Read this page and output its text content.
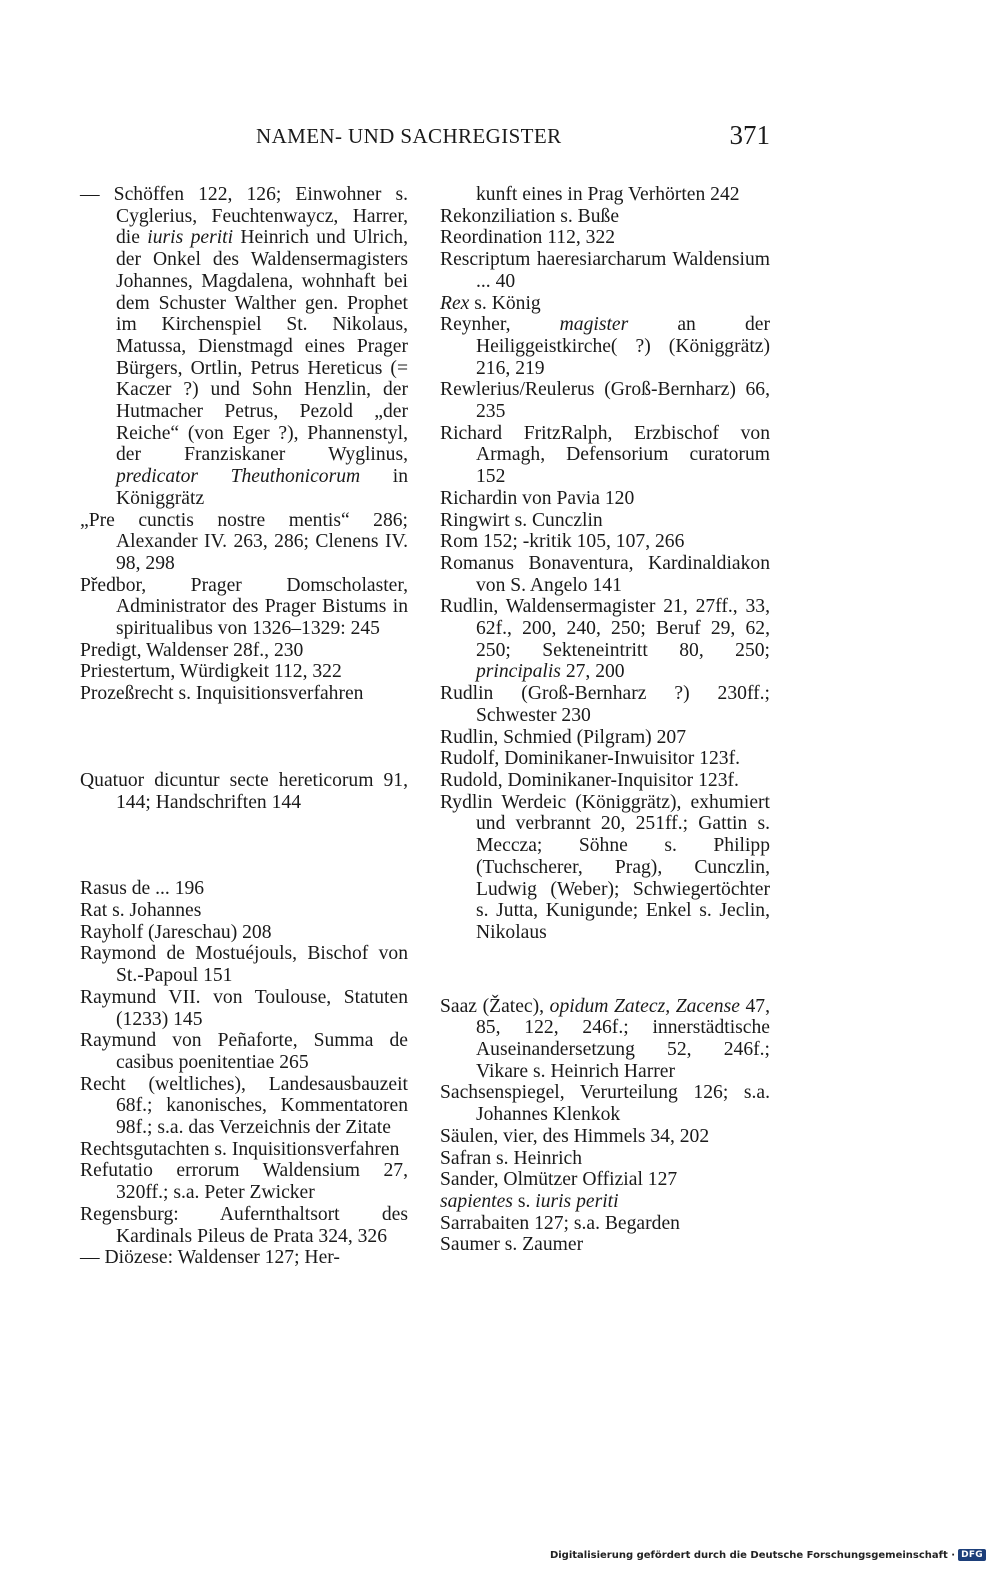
NAMEN- UND SACHREGISTER	371

— Schöffen 122, 126; Einwohner s. Cyglerius, Feuchtenwaycz, Harrer, die iuris periti Heinrich und Ulrich, der Onkel des Waldensermagisters Johannes, Magdalena, wohnhaft bei dem Schuster Walther gen. Prophet im Kirchenspiel St. Nikolaus, Matussa, Dienstmagd eines Prager Bürgers, Ortlin, Petrus Hereticus (= Kaczer ?) und Sohn Henzlin, der Hutmacher Petrus, Pezold „der Reiche“ (von Eger ?), Phannenstyl, der Franziskaner Wyglinus, predicator Theuthonicorum in Königgrätz

„Pre cunctis nostre mentis“ 286; Alexander IV. 263, 286; Clenens IV. 98, 298

Předbor, Prager Domscholaster, Administrator des Prager Bistums in spiritualibus von 1326–1329: 245

Predigt, Waldenser 28f., 230

Priestertum, Würdigkeit 112, 322

Prozeßrecht s. Inquisitionsverfahren

Quatuor dicuntur secte hereticorum 91, 144; Handschriften 144

Rasus de ... 196

Rat s. Johannes

Rayholf (Jareschau) 208

Raymond de Mostuéjouls, Bischof von St.-Papoul 151

Raymund VII. von Toulouse, Statuten (1233) 145

Raymund von Peñaforte, Summa de casibus poenitentiae 265

Recht (weltliches), Landesausbauzeit 68f.; kanonisches, Kommentatoren 98f.; s.a. das Verzeichnis der Zitate

Rechtsgutachten s. Inquisitionsverfahren

Refutatio errorum Waldensium 27, 320ff.; s.a. Peter Zwicker

Regensburg: Aufernthaltsort des Kardinals Pileus de Prata 324, 326

— Diözese: Waldenser 127; Her-

kunft eines in Prag Verhörten 242

Rekonziliation s. Buße

Reordination 112, 322

Rescriptum haeresiarcharum Waldensium ... 40

Rex s. König

Reynher, magister an der Heiliggeistkirche( ?) (Königgrätz) 216, 219

Rewlerius/Reulerus (Groß-Bernharz) 66, 235

Richard FritzRalph, Erzbischof von Armagh, Defensorium curatorum 152

Richardin von Pavia 120

Ringwirt s. Cunczlin

Rom 152; -kritik 105, 107, 266

Romanus Bonaventura, Kardinaldiakon von S. Angelo 141

Rudlin, Waldensermagister 21, 27ff., 33, 62f., 200, 240, 250; Beruf 29, 62, 250; Sekteneintritt 80, 250; principalis 27, 200

Rudlin (Groß-Bernharz ?) 230ff.; Schwester 230

Rudlin, Schmied (Pilgram) 207

Rudolf, Dominikaner-Inwuisitor 123f.

Rudold, Dominikaner-Inquisitor 123f.

Rydlin Werdeic (Königgrätz), exhumiert und verbrannt 20, 251ff.; Gattin s. Meccza; Söhne s. Philipp (Tuchscherer, Prag), Cunczlin, Ludwig (Weber); Schwiegertöchter s. Jutta, Kunigunde; Enkel s. Jeclin, Nikolaus

Saaz (Žatec), opidum Zatecz, Zacense 47, 85, 122, 246f.; innerstädtische Auseinandersetzung 52, 246f.; Vikare s. Heinrich Harrer

Sachsenspiegel, Verurteilung 126; s.a. Johannes Klenkok

Säulen, vier, des Himmels 34, 202

Safran s. Heinrich

Sander, Olmützer Offizial 127

sapientes s. iuris periti

Sarrabaiten 127; s.a. Begarden

Saumer s. Zaumer

Digitalisierung gefördert durch die Deutsche Forschungsgemeinschaft · DFG
